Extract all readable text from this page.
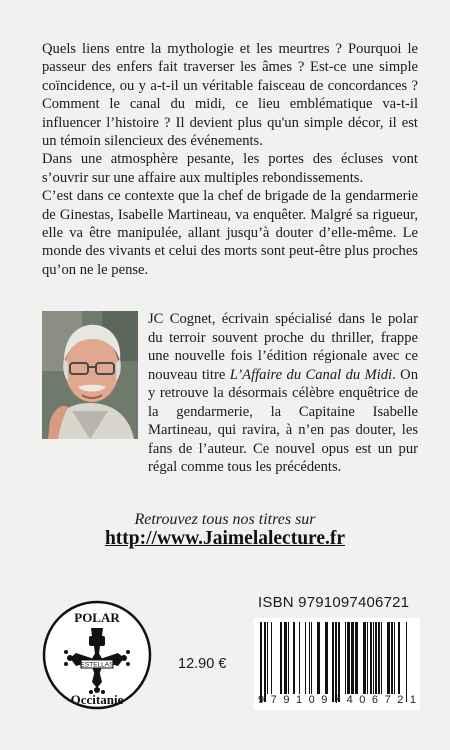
Quels liens entre la mythologie et les meurtres ? Pourquoi le passeur des enfers fait traverser les âmes ? Est-ce une simple coïncidence, ou y a-t-il un véritable faisceau de concordances ? Comment le canal du midi, ce lieu emblématique va-t-il influencer l’histoire ? Il devient plus qu'un simple décor, il est un témoin silencieux des événements.

Dans une atmosphère pesante, les portes des écluses vont s’ouvrir sur une affaire aux multiples rebondissements.

C’est dans ce contexte que la chef de brigade de la gendarmerie de Ginestas, Isabelle Martineau, va enquêter. Malgré sa rigueur, elle va être manipulée, allant jusqu’à douter d’elle-même. Le monde des vivants et celui des morts sont peut-être plus proches qu’on ne le pense.

JC Cognet, écrivain spécialisé dans le polar du terroir souvent proche du thriller, frappe une nouvelle fois l’édition régionale avec ce nouveau titre L’Affaire du Canal du Midi. On y retrouve la désormais célèbre enquêtrice de la gendarmerie, la Capitaine Isabelle Martineau, qui ravira, à n’en pas douter, les fans de l’auteur. Ce nouvel opus est un pur régal comme tous les précédents.

Retrouvez tous nos titres sur

http://www.Jaimelalecture.fr

POLAR
ESTELLAS
Occitanie

12.90 €

ISBN 9791097406721

9 7 9 1 0 9 7 4 0 6 7 2 1
